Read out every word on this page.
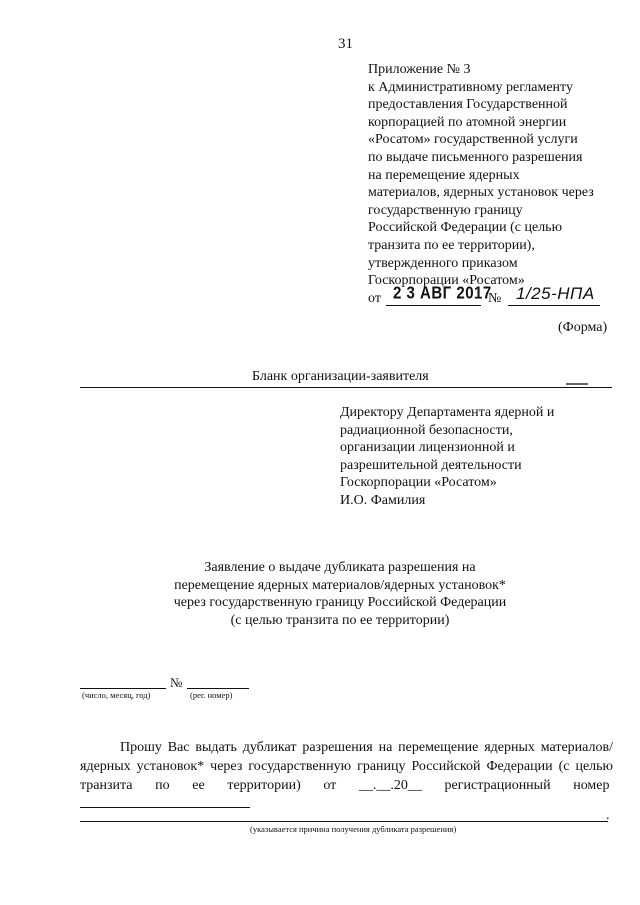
31
Приложение № 3
к Административному регламенту
предоставления Государственной
корпорацией по атомной энергии
«Росатом» государственной услуги
по выдаче письменного разрешения
на перемещение ядерных
материалов, ядерных установок через
государственную границу
Российской Федерации (с целью
транзита по ее территории),
утвержденного приказом
Госкорпорации «Росатом»
от 2 3 АВГ 2017
№ 1/25-НПА
(Форма)
Бланк организации-заявителя
Директору Департамента ядерной и
радиационной безопасности,
организации лицензионной и
разрешительной деятельности
Госкорпорации «Росатом»
И.О. Фамилия
Заявление о выдаче дубликата разрешения на
перемещение ядерных материалов/ядерных установок*
через государственную границу Российской Федерации
(с целью транзита по ее территории)
№
(число, месяц, год)	(рег. номер)

Прошу Вас выдать дубликат разрешения на перемещение ядерных материалов/ядерных установок* через государственную границу Российской Федерации (с целью транзита по ее территории) от __.__.20__ регистрационный номер

.
(указывается причина получения дубликата разрешения)
